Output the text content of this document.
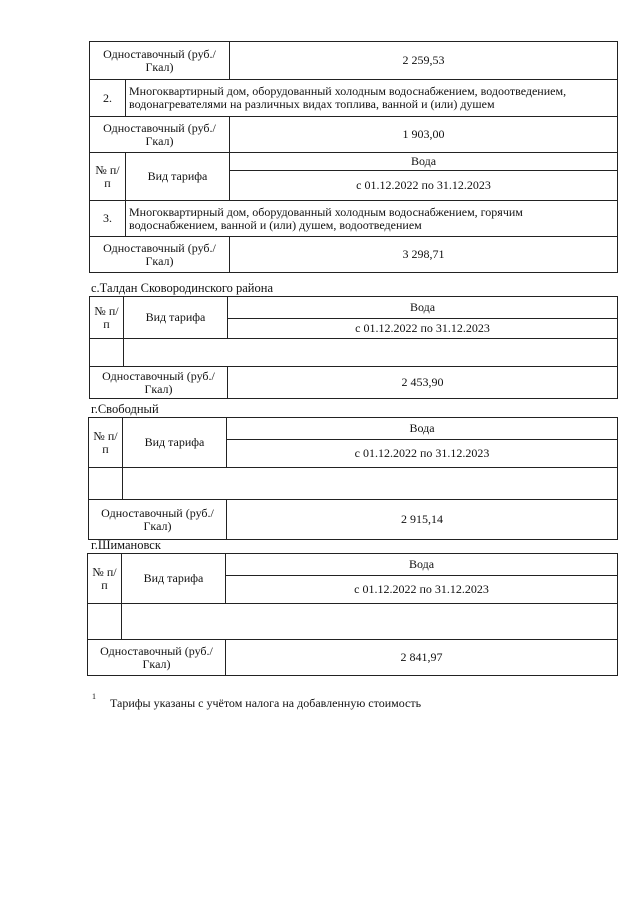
Одноставочный (руб./Гкал)		2 259,53
2.	Многоквартирный дом, оборудованный холодным водоснабжением, водоотведением, водонагревателями на различных видах топлива, ванной и (или) душем	
Одноставочный (руб./Гкал)		1 903,00
№ п/п	Вид тарифа	Вода
		с 01.12.2022 по 31.12.2023
3.	Многоквартирный дом, оборудованный холодным водоснабжением, горячим водоснабжением, ванной и (или) душем, водоотведением	
Одноставочный (руб./Гкал)		3 298,71
с.Талдан Сковородинского района
№ п/п	Вид тарифа	Вода
		с 01.12.2022 по 31.12.2023

Одноставочный (руб./Гкал)		2 453,90
г.Свободный
№ п/п	Вид тарифа	Вода
		с 01.12.2022 по 31.12.2023

Одноставочный (руб./Гкал)		2 915,14
г.Шимановск
№ п/п	Вид тарифа	Вода
		с 01.12.2022 по 31.12.2023

Одноставочный (руб./Гкал)		2 841,97
$^1$ Тарифы указаны с учётом налога на добавленную стоимость
